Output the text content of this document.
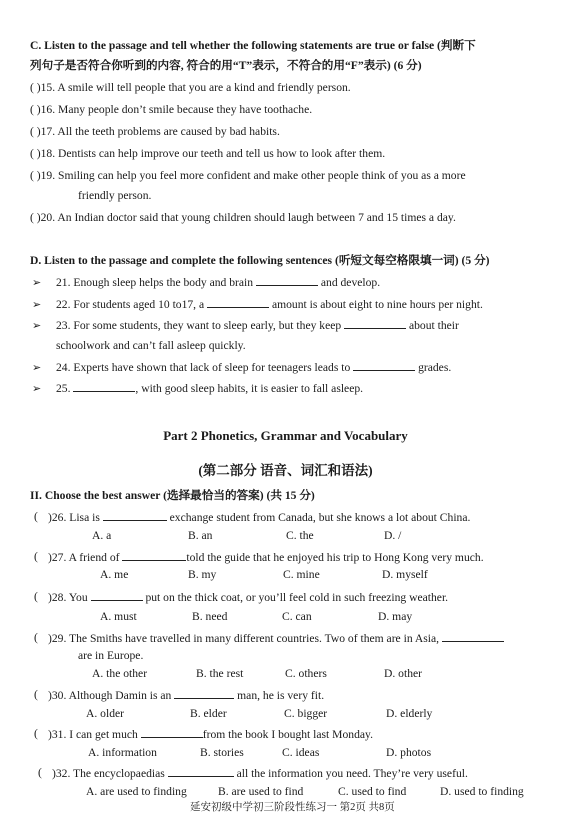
C. Listen to the passage and tell whether the following statements are true or false (判断下
列句子是否符合你听到的内容, 符合的用“T”表示，不符合的用“F”表示) (6 分)
( )15. A smile will tell people that you are a kind and friendly person.
( )16. Many people don’t smile because they have toothache.
( )17. All the teeth problems are caused by bad habits.
( )18. Dentists can help improve our teeth and tell us how to look after them.
( )19. Smiling can help you feel more confident and make other people think of you as a more
friendly person.
( )20. An Indian doctor said that young children should laugh between 7 and 15 times a day.
D. Listen to the passage and complete the following sentences (听短文每空格限填一词) (5 分)
➢ 21. Enough sleep helps the body and brain	and develop.
➢ 22. For students aged 10 to17, a	amount is about eight to nine hours per night.
➢ 23. For some students, they want to sleep early, but they keep	about their
schoolwork and can’t fall asleep quickly.
➢ 24. Experts have shown that lack of sleep for teenagers leads to	grades.
➢ 25.	, with good sleep habits, it is easier to fall asleep.
Part 2 Phonetics, Grammar and Vocabulary
(第二部分 语音、词汇和语法)
II. Choose the best answer (选择最恰当的答案) (共 15 分)
( )26. Lisa is	exchange student from Canada, but she knows a lot about China.
A. a	B. an	C. the	D. /
( )27. A friend of	told the guide that he enjoyed his trip to Hong Kong very much.
A. me	B. my	C. mine	D. myself
( )28. You	put on the thick coat, or you’ll feel cold in such freezing weather.
A. must	B. need	C. can	D. may
( )29. The Smiths have travelled in many different countries. Two of them are in Asia,
are in Europe.
A. the other	B. the rest	C. others	D. other
( )30. Although Damin is an	man, he is very fit.
A. older	B. elder	C. bigger	D. elderly
( )31. I can get much	from the book I bought last Monday.
A. information	B. stories	C. ideas	D. photos
( )32. The encyclopaedias	all the information you need. They’re very useful.
A. are used to finding	B. are used to find	C. used to find	D. used to finding
延安初级中学初三阶段性练习一 第2页 共8页
